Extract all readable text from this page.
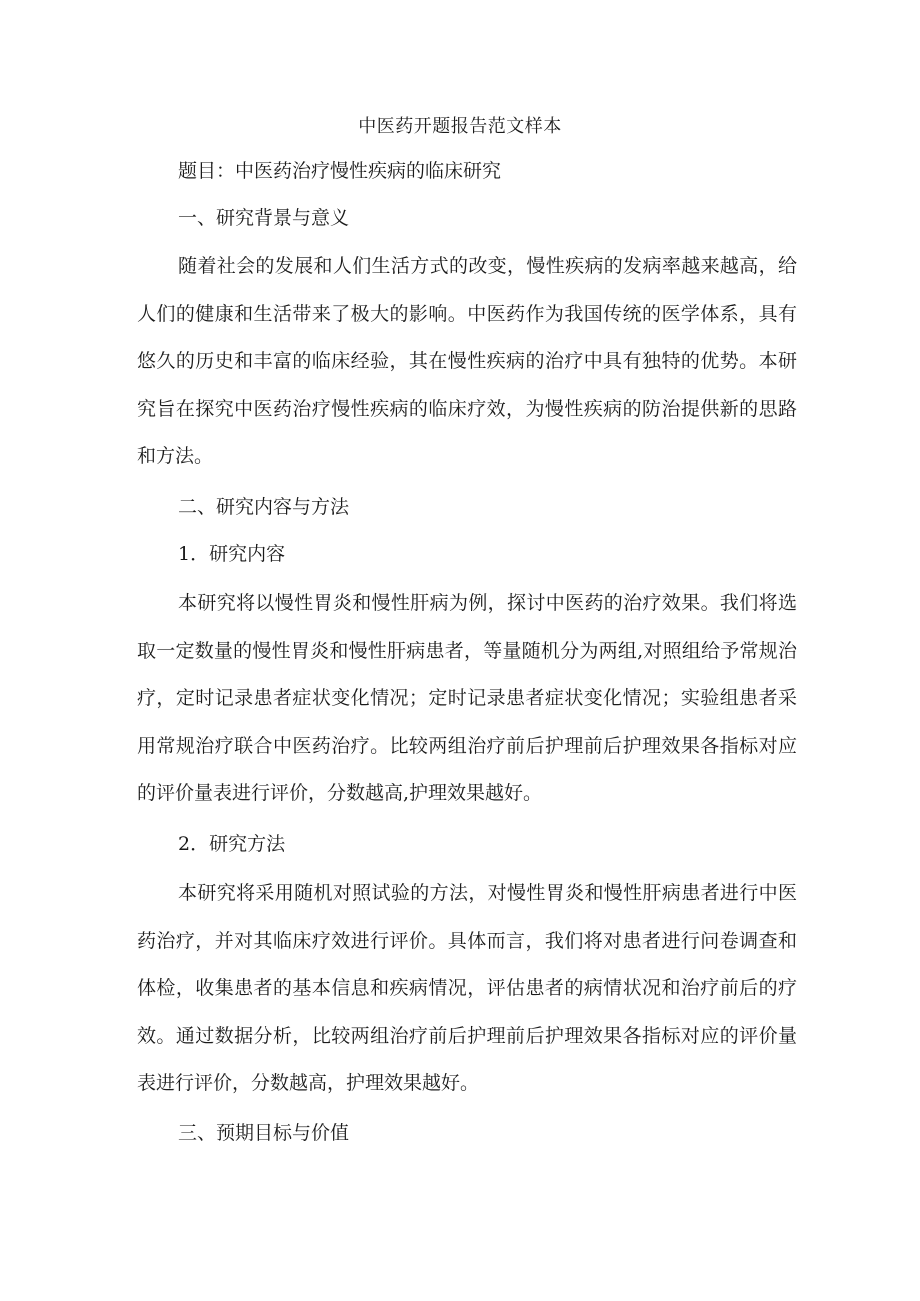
中医药开题报告范文样本
题目：中医药治疗慢性疾病的临床研究
一、研究背景与意义

随着社会的发展和人们生活方式的改变，慢性疾病的发病率越来越高，给人们的健康和生活带来了极大的影响。中医药作为我国传统的医学体系，具有悠久的历史和丰富的临床经验，其在慢性疾病的治疗中具有独特的优势。本研究旨在探究中医药治疗慢性疾病的临床疗效，为慢性疾病的防治提供新的思路和方法。

二、研究内容与方法
1．研究内容

本研究将以慢性胃炎和慢性肝病为例，探讨中医药的治疗效果。我们将选取一定数量的慢性胃炎和慢性肝病患者，等量随机分为两组,对照组给予常规治疗，定时记录患者症状变化情况；定时记录患者症状变化情况；实验组患者采用常规治疗联合中医药治疗。比较两组治疗前后护理前后护理效果各指标对应的评价量表进行评价，分数越高,护理效果越好。

2．研究方法

本研究将采用随机对照试验的方法，对慢性胃炎和慢性肝病患者进行中医药治疗，并对其临床疗效进行评价。具体而言，我们将对患者进行问卷调查和体检，收集患者的基本信息和疾病情况，评估患者的病情状况和治疗前后的疗效。通过数据分析，比较两组治疗前后护理前后护理效果各指标对应的评价量表进行评价，分数越高，护理效果越好。

三、预期目标与价值
